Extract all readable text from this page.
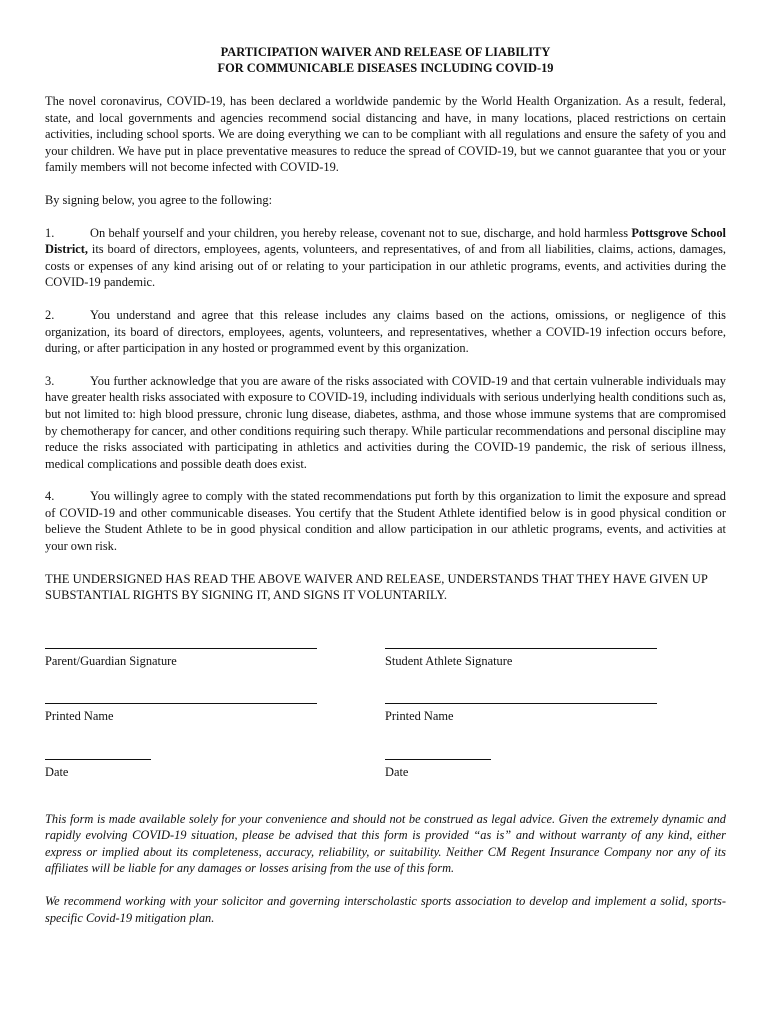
PARTICIPATION WAIVER AND RELEASE OF LIABILITY
FOR COMMUNICABLE DISEASES INCLUDING COVID-19

The novel coronavirus, COVID-19, has been declared a worldwide pandemic by the World Health Organization. As a result, federal, state, and local governments and agencies recommend social distancing and have, in many locations, placed restrictions on certain activities, including school sports. We are doing everything we can to be compliant with all regulations and ensure the safety of you and your children. We have put in place preventative measures to reduce the spread of COVID-19, but we cannot guarantee that you or your family members will not become infected with COVID-19.

By signing below, you agree to the following:

1.	On behalf yourself and your children, you hereby release, covenant not to sue, discharge, and hold harmless Pottsgrove School District, its board of directors, employees, agents, volunteers, and representatives, of and from all liabilities, claims, actions, damages, costs or expenses of any kind arising out of or relating to your participation in our athletic programs, events, and activities during the COVID-19 pandemic.

2.	You understand and agree that this release includes any claims based on the actions, omissions, or negligence of this organization, its board of directors, employees, agents, volunteers, and representatives, whether a COVID-19 infection occurs before, during, or after participation in any hosted or programmed event by this organization.

3.	You further acknowledge that you are aware of the risks associated with COVID-19 and that certain vulnerable individuals may have greater health risks associated with exposure to COVID-19, including individuals with serious underlying health conditions such as, but not limited to: high blood pressure, chronic lung disease, diabetes, asthma, and those whose immune systems that are compromised by chemotherapy for cancer, and other conditions requiring such therapy. While particular recommendations and personal discipline may reduce the risks associated with participating in athletics and activities during the COVID-19 pandemic, the risk of serious illness, medical complications and possible death does exist.

4.	You willingly agree to comply with the stated recommendations put forth by this organization to limit the exposure and spread of COVID-19 and other communicable diseases. You certify that the Student Athlete identified below is in good physical condition or believe the Student Athlete to be in good physical condition and allow participation in our athletic programs, events, and activities at your own risk.

THE UNDERSIGNED HAS READ THE ABOVE WAIVER AND RELEASE, UNDERSTANDS THAT THEY HAVE GIVEN UP SUBSTANTIAL RIGHTS BY SIGNING IT, AND SIGNS IT VOLUNTARILY.

Parent/Guardian Signature	Student Athlete Signature
Printed Name	Printed Name
Date	Date

This form is made available solely for your convenience and should not be construed as legal advice. Given the extremely dynamic and rapidly evolving COVID-19 situation, please be advised that this form is provided “as is” and without warranty of any kind, either express or implied about its completeness, accuracy, reliability, or suitability. Neither CM Regent Insurance Company nor any of its affiliates will be liable for any damages or losses arising from the use of this form.

We recommend working with your solicitor and governing interscholastic sports association to develop and implement a solid, sports-specific Covid-19 mitigation plan.
